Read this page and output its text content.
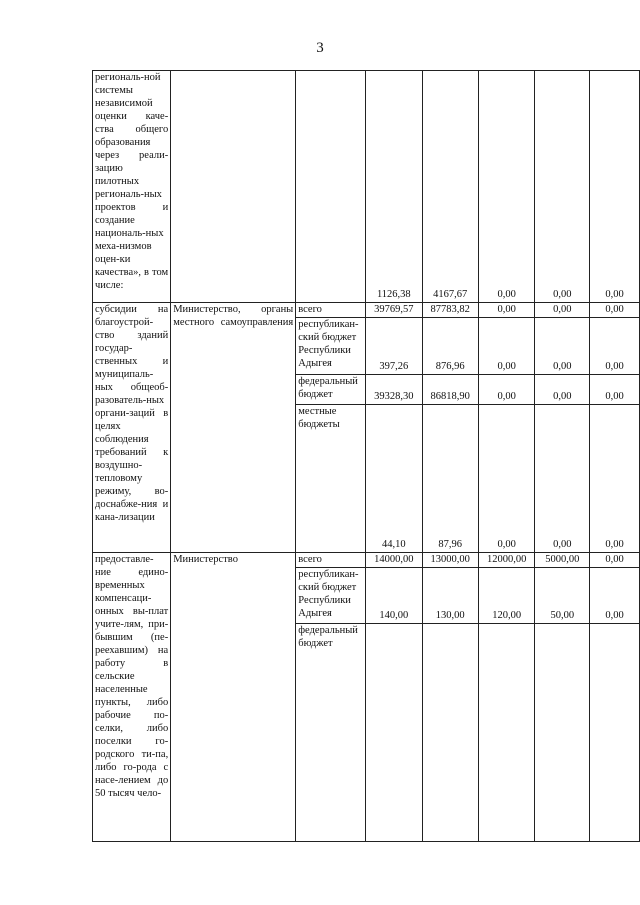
3
региональ-ной системы независимой оценки каче-ства общего образования через реали-зацию пилотных региональ-ных проектов и создание националь-ных меха-низмов оцен-ки качества», в том числе:			1126,38	4167,67	0,00	0,00	0,00
субсидии на благоустрой-ство зданий государ-ственных и муниципаль-ных общеоб-разователь-ных органи-заций в целях соблюдения требований к воздушно-тепловому режиму, во-доснабже-ния и кана-лизации	Министерство, органы местного самоуправления	всего	39769,57	87783,82	0,00	0,00	0,00
		республикан-ский бюджет Республики Адыгея	397,26	876,96	0,00	0,00	0,00
		федеральный бюджет	39328,30	86818,90	0,00	0,00	0,00
		местные бюджеты	44,10	87,96	0,00	0,00	0,00
предоставле-ние едино-временных компенсаци-онных вы-плат учите-лям, при-бывшим (пе-реехавшим) на работу в сельские населенные пункты, либо рабочие по-селки, либо поселки го-родского ти-па, либо го-рода с насе-лением до 50 тысяч чело-	Министерство	всего	14000,00	13000,00	12000,00	5000,00	0,00
		республикан-ский бюджет Республики Адыгея	140,00	130,00	120,00	50,00	0,00
		федеральный бюджет					
